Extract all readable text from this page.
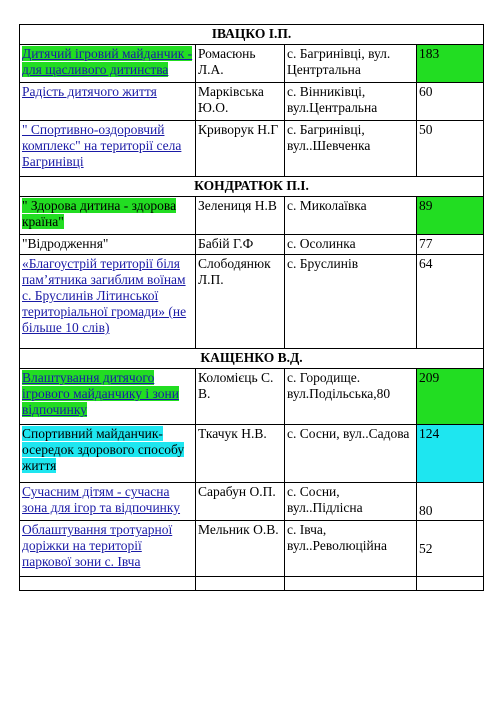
ІВАЦКО І.П.			
Дитячий ігровий майданчик - для щасливого дитинства	Ромасюнь Л.А.	с. Багринівці, вул. Центртальна	183
Радість дитячого життя	Марківська Ю.О.	с. Вінниківці, вул.Центральна	60
" Спортивно-оздоровчий комплекс" на території села Багринівці	Криворук Н.Г	с. Багринівці, вул..Шевченка	50
КОНДРАТЮК П.І.			
" Здорова дитина - здорова країна"	Зелениця Н.В	с. Миколаївка	89
"Відродження"	Бабій Г.Ф	с. Осолинка	77
«Благоустрій території біля пам’ятника загиблим воїнам с. Бруслинів Літинської територіальної громади» (не більше 10 слів)	Слободянюк Л.П.	с. Бруслинів	64
КАЩЕНКО В.Д.			
Влаштування дитячого ігрового майданчику і зони відпочинку	Коломієць С. В.	с. Городище. вул.Подільська,80	209
Спортивний майданчик-осередок здорового способу життя	Ткачук Н.В.	с. Сосни, вул..Садова	124
Сучасним дітям - сучасна зона для ігор та відпочинку	Сарабун О.П.	с. Сосни, вул..Підлісна	80
Облаштування тротуарної доріжки на території паркової зони с. Івча	Мельник О.В.	с. Івча, вул..Революційна	52
